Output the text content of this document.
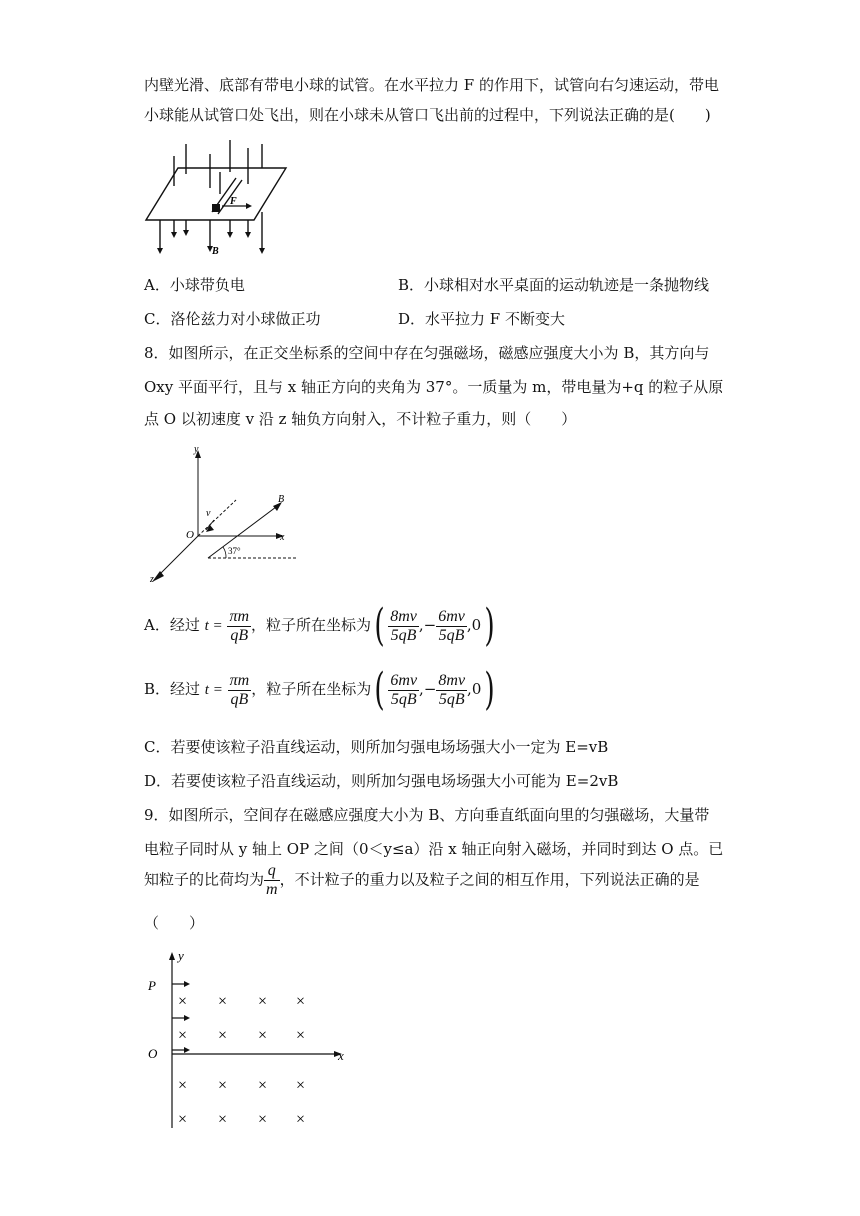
内壁光滑、底部有带电小球的试管。在水平拉力 F 的作用下，试管向右匀速运动，带电
小球能从试管口处飞出，则在小球未从管口飞出前的过程中，下列说法正确的是(　　)
F
B
A．小球带负电	B．小球相对水平桌面的运动轨迹是一条抛物线
C．洛伦兹力对小球做正功	D．水平拉力 F 不断变大
8．如图所示，在正交坐标系的空间中存在匀强磁场，磁感应强度大小为 B，其方向与
Oxy 平面平行，且与 x 轴正方向的夹角为 37°。一质量为 m，带电量为+q 的粒子从原
点 O 以初速度 v 沿 z 轴负方向射入，不计粒子重力，则（　　）
y
x
z
O
v
B
37°
A．经过 $t = \frac{\pi m}{qB}$ ，粒子所在坐标为( $\frac{8mv}{5qB}$ ,− $\frac{6mv}{5qB} ,0$)
B．经过 $t = \frac{\pi m}{qB}$ ，粒子所在坐标为( $\frac{6mv}{5qB}$ ,− $\frac{8mv}{5qB} ,0$)
C．若要使该粒子沿直线运动，则所加匀强电场场强大小一定为 E=vB
D．若要使该粒子沿直线运动，则所加匀强电场场强大小可能为 E=2vB
9．如图所示，空间存在磁感应强度大小为 B、方向垂直纸面向里的匀强磁场，大量带
电粒子同时从 y 轴上 OP 之间（0＜y≤a）沿 x 轴正向射入磁场，并同时到达 O 点。已
知粒子的比荷均为 $\frac{q}{m}$ ，不计粒子的重力以及粒子之间的相互作用，下列说法正确的是
（　　）
y
x
P
O
× × × ×
× × × ×
× × × ×
× × × ×
